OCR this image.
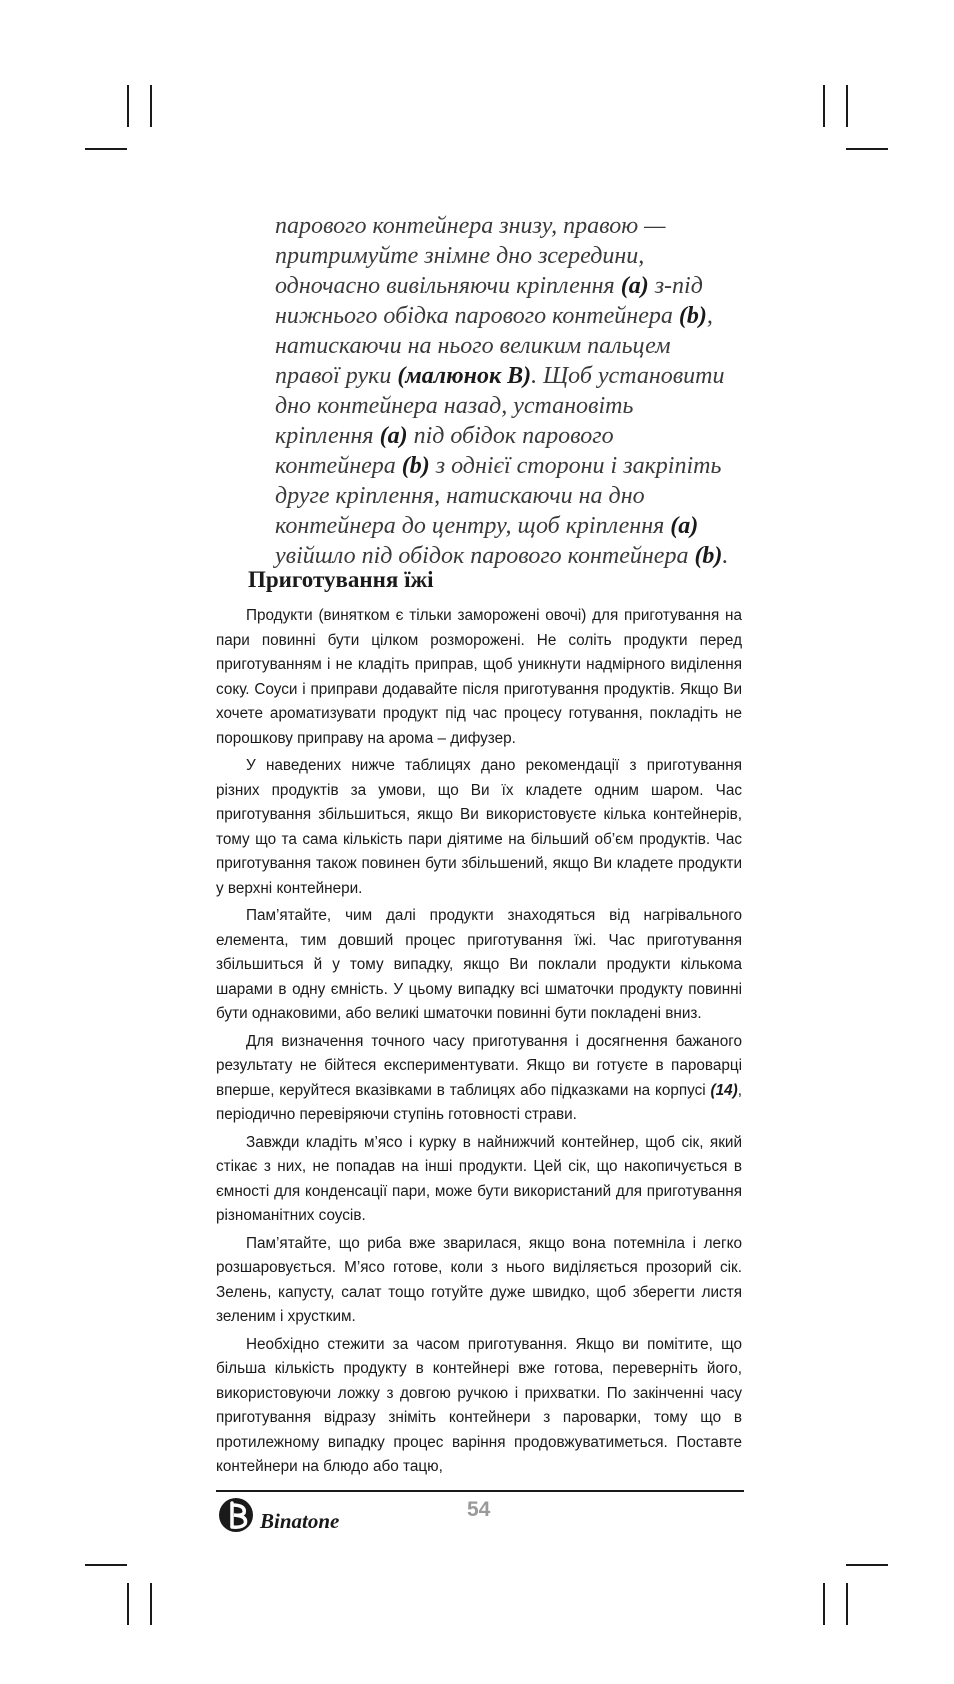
парового контейнера знизу, правою —
притримуйте знімне дно зсередини,
одночасно вивільняючи кріплення (a) з-під
нижнього обідка парового контейнера (b),
натискаючи на нього великим пальцем
правої руки (малюнок B). Щоб установити
дно контейнера назад, установіть
кріплення (a) під обідок парового
контейнера (b) з однієї сторони і закріпіть
друге кріплення, натискаючи на дно
контейнера до центру, щоб кріплення (a)
увійшло під обідок парового контейнера (b).
Приготування їжі

Продукти (винятком є тільки заморожені овочі) для приготування на пари повинні бути цілком розморожені. Не соліть продукти перед приготуванням і не кладіть приправ, щоб уникнути надмірного виділення соку. Соуси і приправи додавайте після приготування продуктів. Якщо Ви хочете ароматизувати продукт під час процесу готування, покладіть не порошкову приправу на арома – дифузер.

У наведених нижче таблицях дано рекомендації з приготування різних продуктів за умови, що Ви їх кладете одним шаром. Час приготування збільшиться, якщо Ви використовуєте кілька контейнерів, тому що та сама кількість пари діятиме на більший об’єм продуктів. Час приготування також повинен бути збільшений, якщо Ви кладете продукти у верхні контейнери.

Пам’ятайте, чим далі продукти знаходяться від нагрівального елемента, тим довший процес приготування їжі. Час приготування збільшиться й у тому випадку, якщо Ви поклали продукти кількома шарами в одну ємність. У цьому випадку всі шматочки продукту повинні бути однаковими, або великі шматочки повинні бути покладені вниз.

Для визначення точного часу приготування і досягнення бажаного результату не бійтеся експериментувати. Якщо ви готуєте в пароварці вперше, керуйтеся вказівками в таблицях або підказками на корпусі (14), періодично перевіряючи ступінь готовності страви.

Завжди кладіть м’ясо і курку в найнижчий контейнер, щоб сік, який стікає з них, не попадав на інші продукти. Цей сік, що накопичується в ємності для конденсації пари, може бути використаний для приготування різноманітних соусів.

Пам’ятайте, що риба вже зварилася, якщо вона потемніла і легко розшаровується. М’ясо готове, коли з нього виділяється прозорий сік. Зелень, капусту, салат тощо готуйте дуже швидко, щоб зберегти листя зеленим і хрустким.

Необхідно стежити за часом приготування. Якщо ви помітите, що більша кількість продукту в контейнері вже готова, переверніть його, використовуючи ложку з довгою ручкою і прихватки. По закінченні часу приготування відразу зніміть контейнери з пароварки, тому що в протилежному випадку процес варіння продовжуватиметься. Поставте контейнери на блюдо або тацю,

Binatone	54
